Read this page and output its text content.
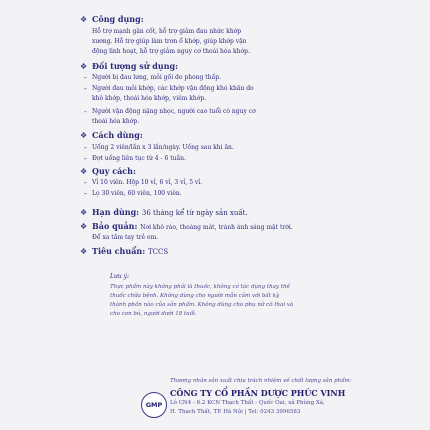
❖ Công dụng:
Hỗ trợ mạnh gân cốt, hỗ trợ giảm đau nhức khớp
xương. Hỗ trợ giúp làm trơn ổ khớp, giúp khớp vận
động linh hoạt, hỗ trợ giảm nguy cơ thoái hóa khớp.
❖ Đối tượng sử dụng:
- Người bị đau lưng, mỏi gối do phong thấp.
- Người đau mỏi khớp, các khớp vận động khó khăn do
khô khớp, thoái hóa khớp, viêm khớp.
- Người vận động nặng nhọc, người cao tuổi có nguy cơ
thoái hóa khớp.
❖ Cách dùng:
- Uống 2 viên/lần x 3 lần/ngày. Uống sau khi ăn.
- Đợt uống liên tục từ 4 - 6 tuần.
❖ Quy cách:
- Vỉ 10 viên. Hộp 10 vỉ, 6 vỉ, 3 vỉ, 5 vỉ.
- Lọ 30 viên, 60 viên, 100 viên.
❖ Hạn dùng: 36 tháng kể từ ngày sản xuất.
❖ Bảo quản: Nơi khô ráo, thoáng mát, tránh ánh sáng mặt trời.
Để xa tầm tay trẻ em.
❖ Tiêu chuẩn: TCCS
Lưu ý:
Thực phẩm này không phải là thuốc, không có tác dụng thay thế
thuốc chữa bệnh. Không dùng cho người mẫn cảm với bất kỳ
thành phần nào của sản phẩm. Không dùng cho phụ nữ có thai và
cho con bú, người dưới 18 tuổi.
Thương nhân sản xuất chịu trách nhiệm về chất lượng sản phẩm:
GMP
CÔNG TY CỔ PHẦN DƯỢC PHÚC VINH
Lô CN4 - 6.2 KCN Thạch Thất - Quốc Oai, xã Phùng Xá,
H. Thạch Thất, TP. Hà Nội | Tel: 0243 3996583
